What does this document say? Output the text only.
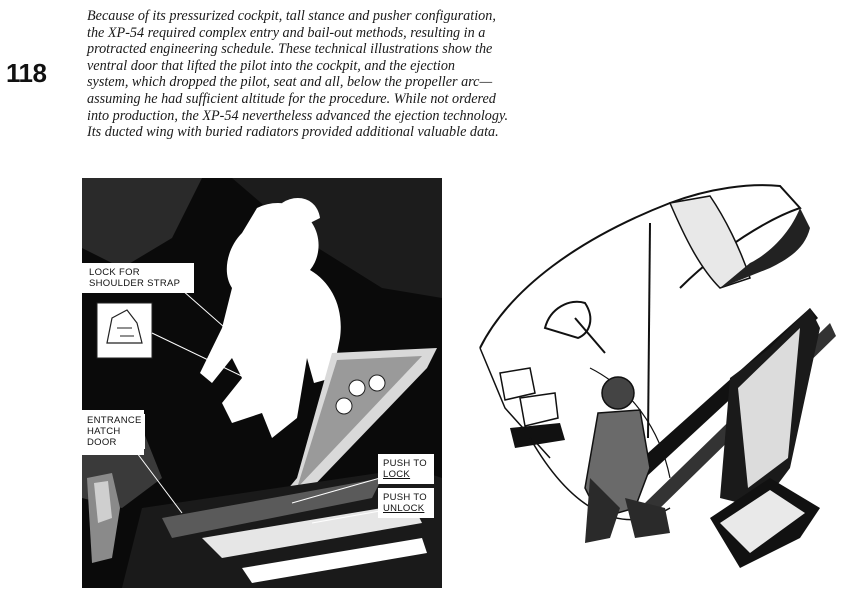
118
Because of its pressurized cockpit, tall stance and pusher configuration,
the XP-54 required complex entry and bail-out methods, resulting in a
protracted engineering schedule. These technical illustrations show the
ventral door that lifted the pilot into the cockpit, and the ejection
system, which dropped the pilot, seat and all, below the propeller arc—
assuming he had sufficient altitude for the procedure. While not ordered
into production, the XP-54 nevertheless advanced the ejection technology.
Its ducted wing with buried radiators provided additional valuable data.
LOCK FOR
SHOULDER STRAP
ENTRANCE
HATCH
DOOR
PUSH TO
LOCK
PUSH TO
UNLOCK
